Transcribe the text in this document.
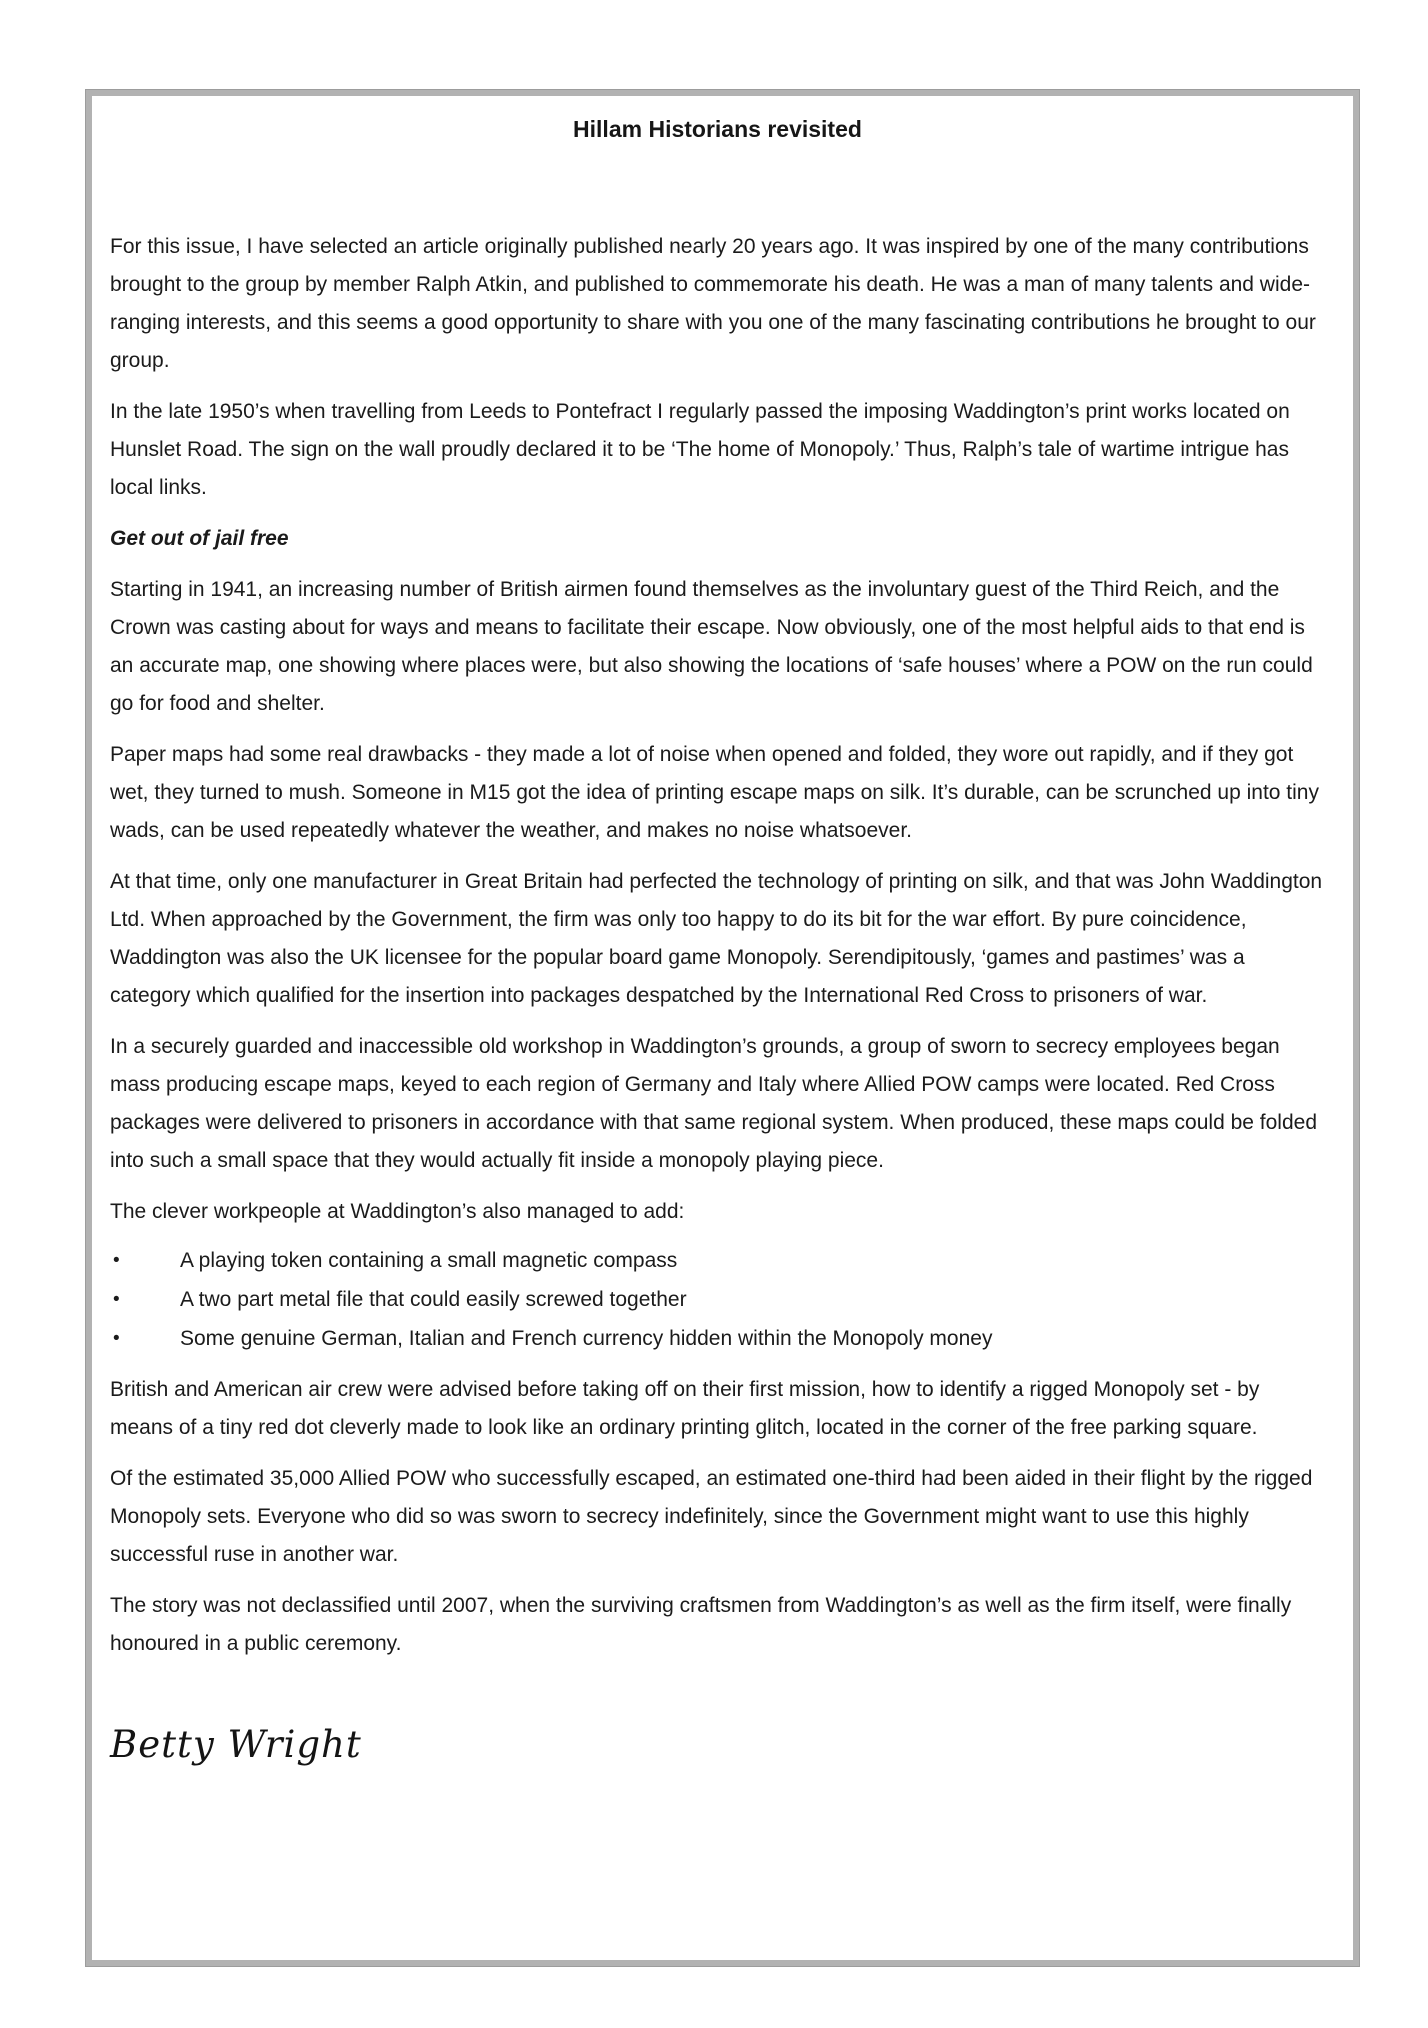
Hillam Historians revisited

For this issue, I have selected an article originally published nearly 20 years ago. It was inspired by one of the many contributions brought to the group by member Ralph Atkin, and published to commemorate his death. He was a man of many talents and wide-ranging interests, and this seems a good opportunity to share with you one of the many fascinating contributions he brought to our group.

In the late 1950’s when travelling from Leeds to Pontefract I regularly passed the imposing Waddington’s print works located on Hunslet Road. The sign on the wall proudly declared it to be ‘The home of Monopoly.’ Thus, Ralph’s tale of wartime intrigue has local links.

Get out of jail free

Starting in 1941, an increasing number of British airmen found themselves as the involuntary guest of the Third Reich, and the Crown was casting about for ways and means to facilitate their escape. Now obviously, one of the most helpful aids to that end is an accurate map, one showing where places were, but also showing the locations of ‘safe houses’ where a POW on the run could go for food and shelter.

Paper maps had some real drawbacks - they made a lot of noise when opened and folded, they wore out rapidly, and if they got wet, they turned to mush. Someone in M15 got the idea of printing escape maps on silk. It’s durable, can be scrunched up into tiny wads, can be used repeatedly whatever the weather, and makes no noise whatsoever.

At that time, only one manufacturer in Great Britain had perfected the technology of printing on silk, and that was John Waddington Ltd. When approached by the Government, the firm was only too happy to do its bit for the war effort. By pure coincidence, Waddington was also the UK licensee for the popular board game Monopoly. Serendipitously, ‘games and pastimes’ was a category which qualified for the insertion into packages despatched by the International Red Cross to prisoners of war.

In a securely guarded and inaccessible old workshop in Waddington’s grounds, a group of sworn to secrecy employees began mass producing escape maps, keyed to each region of Germany and Italy where Allied POW camps were located. Red Cross packages were delivered to prisoners in accordance with that same regional system. When produced, these maps could be folded into such a small space that they would actually fit inside a monopoly playing piece.

The clever workpeople at Waddington’s also managed to add:

•	A playing token containing a small magnetic compass
•	A two part metal file that could easily screwed together
•	Some genuine German, Italian and French currency hidden within the Monopoly money

British and American air crew were advised before taking off on their first mission, how to identify a rigged Monopoly set - by means of a tiny red dot cleverly made to look like an ordinary printing glitch, located in the corner of the free parking square.

Of the estimated 35,000 Allied POW who successfully escaped, an estimated one-third had been aided in their flight by the rigged Monopoly sets. Everyone who did so was sworn to secrecy indefinitely, since the Government might want to use this highly successful ruse in another war.

The story was not declassified until 2007, when the surviving craftsmen from Waddington’s as well as the firm itself, were finally honoured in a public ceremony.

Betty Wright
